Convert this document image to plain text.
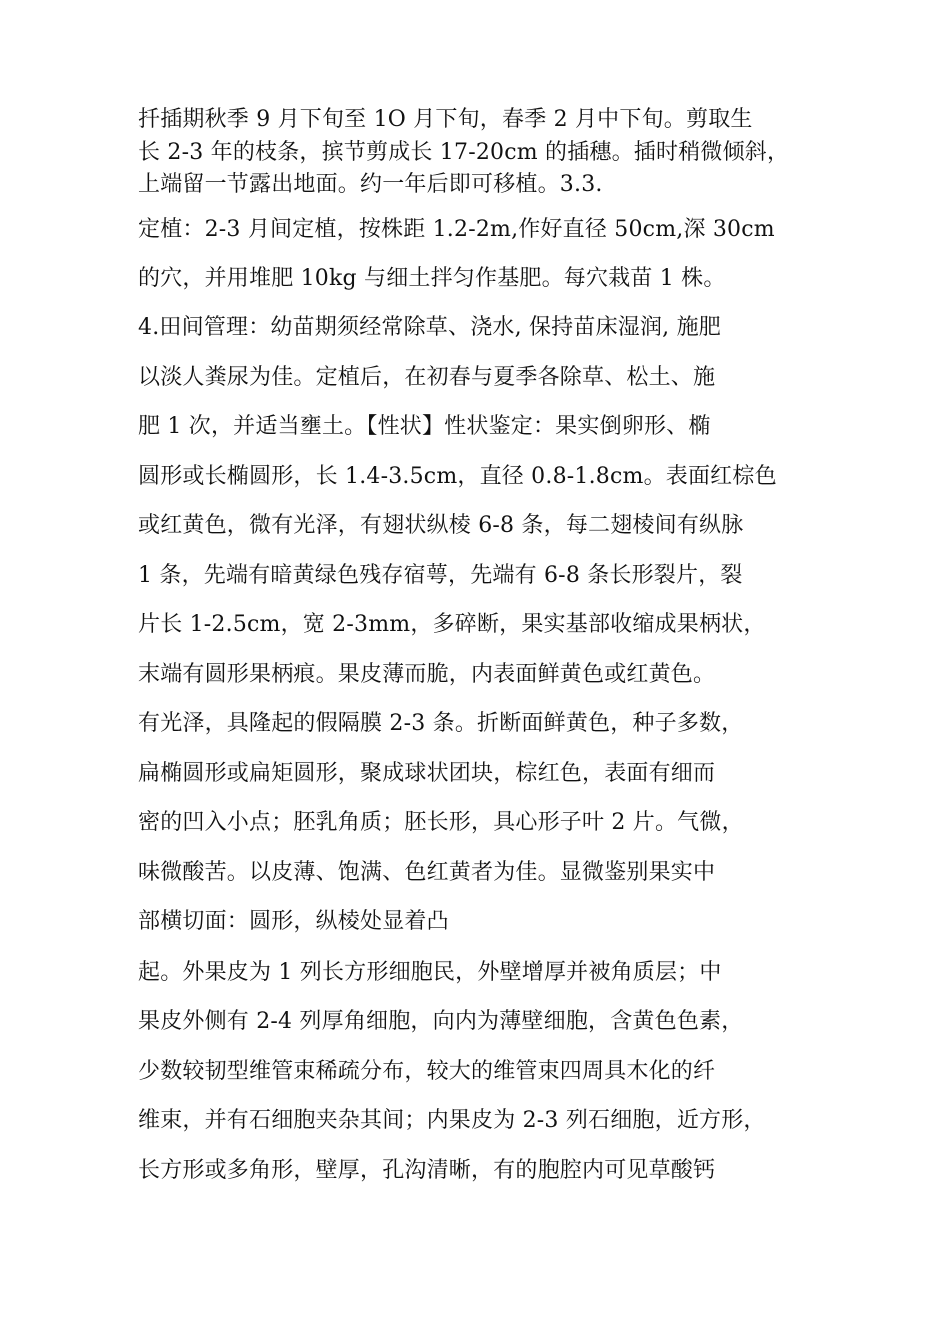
扦插期秋季 9 月下旬至 1O 月下旬，春季 2 月中下旬。剪取生
长 2-3 年的枝条，摈节剪成长 17-20cm 的插穗。插时稍微倾斜，
上端留一节露出地面。约一年后即可移植。3.3.
定植：2-3 月间定植，按株距 1.2-2m,作好直径 50cm,深 30cm
的穴，并用堆肥 10kg 与细土拌匀作基肥。每穴栽苗 1 株。
4.田间管理：幼苗期须经常除草、浇水, 保持苗床湿润, 施肥
以淡人粪尿为佳。定植后，在初春与夏季各除草、松土、施
肥 1 次，并适当壅土。【性状】性状鉴定：果实倒卵形、椭
圆形或长椭圆形，长 1.4-3.5cm，直径 0.8-1.8cm。表面红棕色
或红黄色，微有光泽，有翅状纵棱 6-8 条，每二翅棱间有纵脉
1 条，先端有暗黄绿色残存宿萼，先端有 6-8 条长形裂片，裂
片长 1-2.5cm，宽 2-3mm，多碎断，果实基部收缩成果柄状，
末端有圆形果柄痕。果皮薄而脆，内表面鲜黄色或红黄色。
有光泽，具隆起的假隔膜 2-3 条。折断面鲜黄色，种子多数，
扁椭圆形或扁矩圆形，聚成球状团块，棕红色，表面有细而
密的凹入小点；胚乳角质；胚长形，具心形子叶 2 片。气微，
味微酸苦。以皮薄、饱满、色红黄者为佳。显微鉴别果实中
部横切面：圆形，纵棱处显着凸
起。外果皮为 1 列长方形细胞民，外壁增厚并被角质层；中
果皮外侧有 2-4 列厚角细胞，向内为薄壁细胞，含黄色色素，
少数较韧型维管束稀疏分布，较大的维管束四周具木化的纤
维束，并有石细胞夹杂其间；内果皮为 2-3 列石细胞，近方形，
长方形或多角形，壁厚，孔沟清晰，有的胞腔内可见草酸钙
